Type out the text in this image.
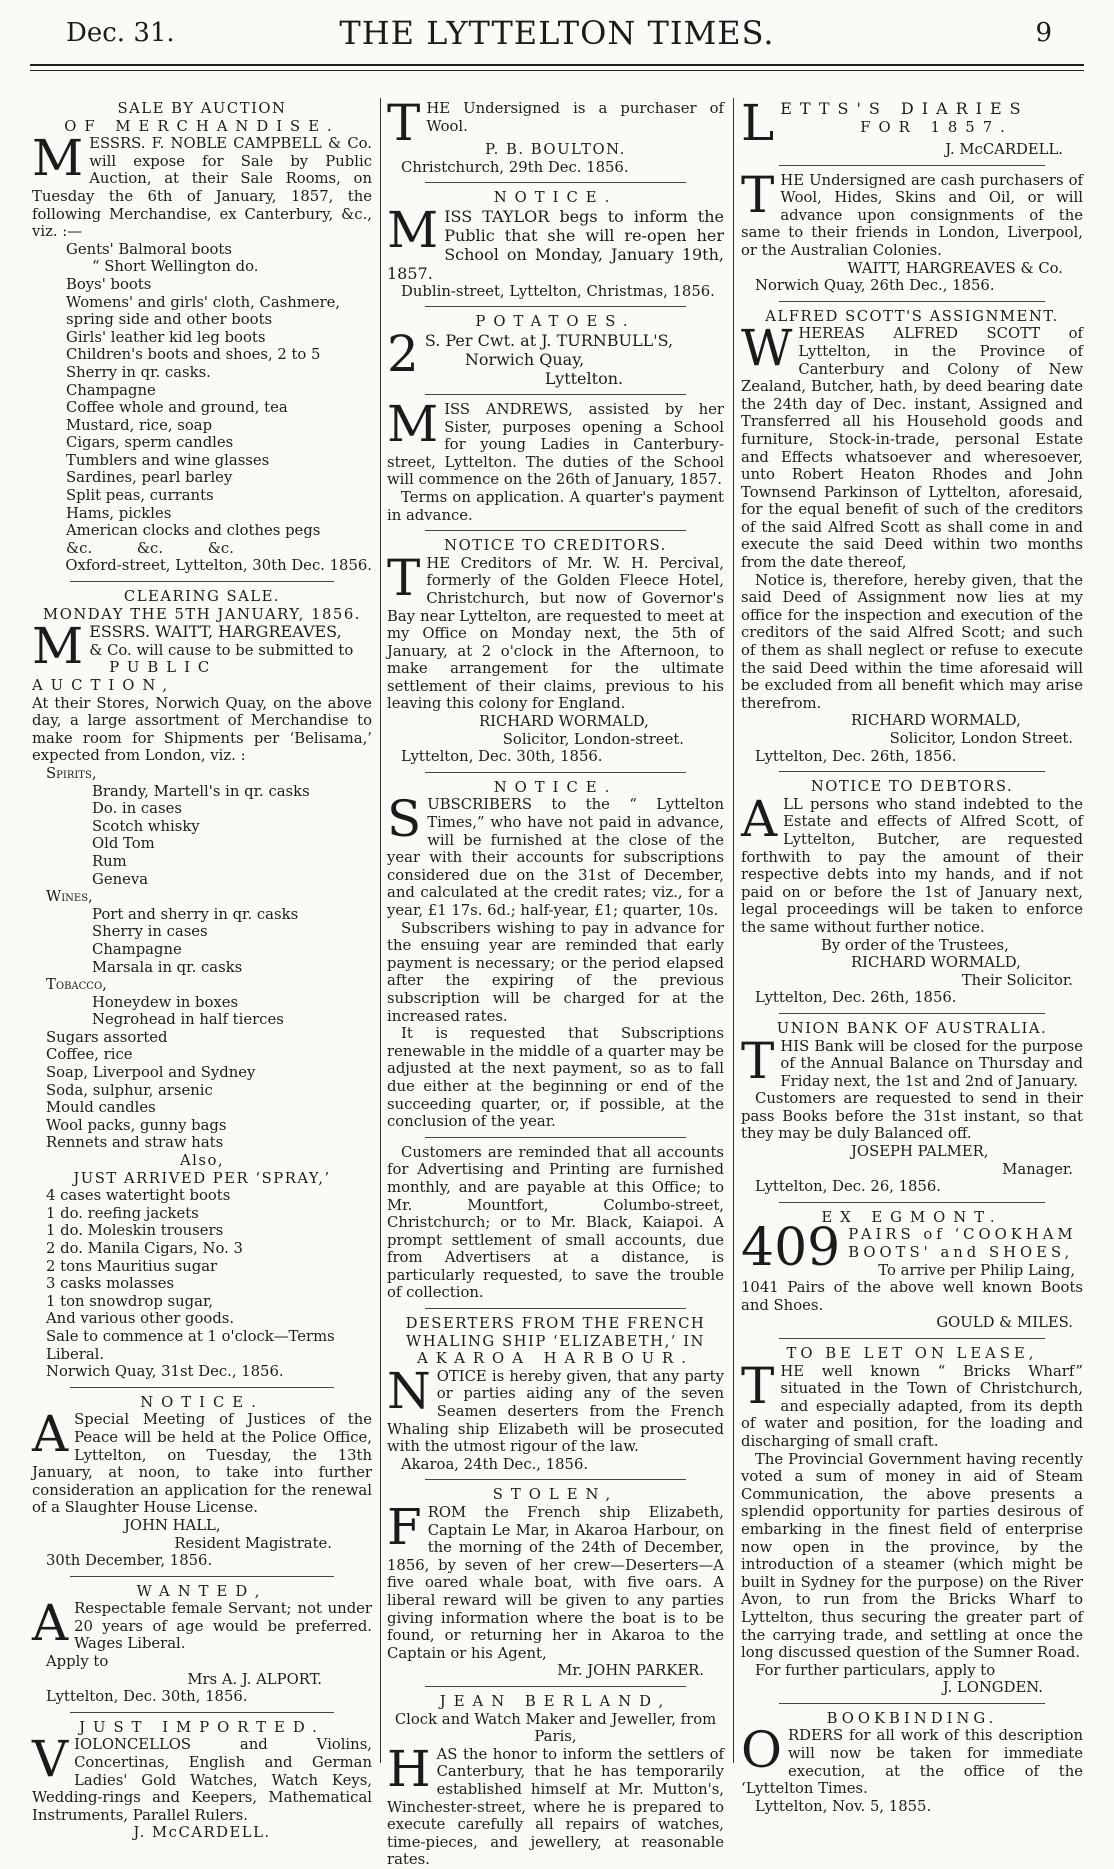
Dec. 31.	THE LYTTELTON TIMES.	9
SALE BY AUCTION
OF MERCHANDISE.

MESSRS. F. NOBLE CAMPBELL & Co. will expose for Sale by Public Auction, at their Sale Rooms, on Tuesday the 6th of January, 1857, the following Merchandise, ex Canterbury, &c., viz. :—

Gents' Balmoral boots
“ Short Wellington do.
Boys' boots
Womens' and girls' cloth, Cashmere, spring side and other boots
Girls' leather kid leg boots
Children's boots and shoes, 2 to 5
Sherry in qr. casks.
Champagne
Coffee whole and ground, tea
Mustard, rice, soap
Cigars, sperm candles
Tumblers and wine glasses
Sardines, pearl barley
Split peas, currants
Hams, pickles
American clocks and clothes pegs
&c. &c. &c.
Oxford-street, Lyttelton, 30th Dec. 1856.
CLEARING SALE.
MONDAY THE 5TH JANUARY, 1856.

MESSRS. WAITT, HARGREAVES,
& Co. will cause to be submitted to
PUBLIC AUCTION,

At their Stores, Norwich Quay, on the above day, a large assortment of Merchandise to make room for Shipments per ‘Belisama,’ expected from London, viz. :

Spirits,
Brandy, Martell's in qr. casks
Do. in cases
Scotch whisky
Old Tom
Rum
Geneva
Wines,
Port and sherry in qr. casks
Sherry in cases
Champagne
Marsala in qr. casks
Tobacco,
Honeydew in boxes
Negrohead in half tierces
Sugars assorted
Coffee, rice
Soap, Liverpool and Sydney
Soda, sulphur, arsenic
Mould candles
Wool packs, gunny bags
Rennets and straw hats
Also,
JUST ARRIVED PER ‘SPRAY,’
4 cases watertight boots
1 do. reefing jackets
1 do. Moleskin trousers
2 do. Manila Cigars, No. 3
2 tons Mauritius sugar
3 casks molasses
1 ton snowdrop sugar,
And various other goods.
Sale to commence at 1 o'clock—Terms Liberal.
Norwich Quay, 31st Dec., 1856.
NOTICE.

A Special Meeting of Justices of the Peace will be held at the Police Office, Lyttelton, on Tuesday, the 13th January, at noon, to take into further consideration an application for the renewal of a Slaughter House License.

JOHN HALL,
Resident Magistrate.
30th December, 1856.
WANTED,

A Respectable female Servant; not under 20 years of age would be preferred. Wages Liberal.

Apply to
Mrs A. J. ALPORT.
Lyttelton, Dec. 30th, 1856.
JUST IMPORTED.

VIOLONCELLOS and Violins, Concertinas, English and German Ladies' Gold Watches, Watch Keys, Wedding-rings and Keepers, Mathematical Instruments, Parallel Rulers.

J. McCARDELL.

THE Undersigned is a purchaser of Wool.

P. B. BOULTON.
Christchurch, 29th Dec. 1856.
NOTICE.

MISS TAYLOR begs to inform the Public that she will re-open her School on Monday, January 19th, 1857.

Dublin-street, Lyttelton, Christmas, 1856.
POTATOES.

2 S. Per Cwt. at J. TURNBULL'S,
Norwich Quay,
Lyttelton.

MISS ANDREWS, assisted by her Sister, purposes opening a School for young Ladies in Canterbury-street, Lyttelton. The duties of the School will commence on the 26th of January, 1857.

Terms on application. A quarter's payment in advance.

NOTICE TO CREDITORS.

THE Creditors of Mr. W. H. Percival, formerly of the Golden Fleece Hotel, Christchurch, but now of Governor's Bay near Lyttelton, are requested to meet at my Office on Monday next, the 5th of January, at 2 o'clock in the Afternoon, to make arrangement for the ultimate settlement of their claims, previous to his leaving this colony for England.

RICHARD WORMALD,
Solicitor, London-street.
Lyttelton, Dec. 30th, 1856.
NOTICE.

SUBSCRIBERS to the “ Lyttelton Times,” who have not paid in advance, will be furnished at the close of the year with their accounts for subscriptions considered due on the 31st of December, and calculated at the credit rates; viz., for a year, £1 17s. 6d.; half-year, £1; quarter, 10s.

Subscribers wishing to pay in advance for the ensuing year are reminded that early payment is necessary; or the period elapsed after the expiring of the previous subscription will be charged for at the increased rates.

It is requested that Subscriptions renewable in the middle of a quarter may be adjusted at the next payment, so as to fall due either at the beginning or end of the succeeding quarter, or, if possible, at the conclusion of the year.

Customers are reminded that all accounts for Advertising and Printing are furnished monthly, and are payable at this Office; to Mr. Mountfort, Columbo-street, Christchurch; or to Mr. Black, Kaiapoi. A prompt settlement of small accounts, due from Advertisers at a distance, is particularly requested, to save the trouble of collection.

DESERTERS FROM THE FRENCH
WHALING SHIP ‘ELIZABETH,’ IN
AKAROA HARBOUR.

NOTICE is hereby given, that any party or parties aiding any of the seven Seamen deserters from the French Whaling ship Elizabeth will be prosecuted with the utmost rigour of the law.

Akaroa, 24th Dec., 1856.
STOLEN,

FROM the French ship Elizabeth, Captain Le Mar, in Akaroa Harbour, on the morning of the 24th of December, 1856, by seven of her crew—Deserters—A five oared whale boat, with five oars. A liberal reward will be given to any parties giving information where the boat is to be found, or returning her in Akaroa to the Captain or his Agent,

Mr. JOHN PARKER.
JEAN BERLAND,
Clock and Watch Maker and Jeweller, from
Paris,

HAS the honor to inform the settlers of Canterbury, that he has temporarily established himself at Mr. Mutton's, Winchester-street, where he is prepared to execute carefully all repairs of watches, time-pieces, and jewellery, at reasonable rates.

LETTS'S DIARIES
FOR 1857.

J. McCARDELL.

THE Undersigned are cash purchasers of Wool, Hides, Skins and Oil, or will advance upon consignments of the same to their friends in London, Liverpool, or the Australian Colonies.

WAITT, HARGREAVES & Co.
Norwich Quay, 26th Dec., 1856.
ALFRED SCOTT'S ASSIGNMENT.

WHEREAS ALFRED SCOTT of Lyttelton, in the Province of Canterbury and Colony of New Zealand, Butcher, hath, by deed bearing date the 24th day of Dec. instant, Assigned and Transferred all his Household goods and furniture, Stock-in-trade, personal Estate and Effects whatsoever and wheresoever, unto Robert Heaton Rhodes and John Townsend Parkinson of Lyttelton, aforesaid, for the equal benefit of such of the creditors of the said Alfred Scott as shall come in and execute the said Deed within two months from the date thereof,

Notice is, therefore, hereby given, that the said Deed of Assignment now lies at my office for the inspection and execution of the creditors of the said Alfred Scott; and such of them as shall neglect or refuse to execute the said Deed within the time aforesaid will be excluded from all benefit which may arise therefrom.

RICHARD WORMALD,
Solicitor, London Street.
Lyttelton, Dec. 26th, 1856.
NOTICE TO DEBTORS.

ALL persons who stand indebted to the Estate and effects of Alfred Scott, of Lyttelton, Butcher, are requested forthwith to pay the amount of their respective debts into my hands, and if not paid on or before the 1st of January next, legal proceedings will be taken to enforce the same without further notice.

By order of the Trustees,
RICHARD WORMALD,
Their Solicitor.
Lyttelton, Dec. 26th, 1856.
UNION BANK OF AUSTRALIA.

THIS Bank will be closed for the purpose of the Annual Balance on Thursday and Friday next, the 1st and 2nd of January.

Customers are requested to send in their pass Books before the 31st instant, so that they may be duly Balanced off.

JOSEPH PALMER,
Manager.
Lyttelton, Dec. 26, 1856.
EX EGMONT.

409 PAIRS of ‘COOKHAM
BOOTS' and SHOES,
To arrive per Philip Laing,

1041 Pairs of the above well known Boots and Shoes.

GOULD & MILES.
TO BE LET ON LEASE,

THE well known “ Bricks Wharf” situated in the Town of Christchurch, and especially adapted, from its depth of water and position, for the loading and discharging of small craft.

The Provincial Government having recently voted a sum of money in aid of Steam Communication, the above presents a splendid opportunity for parties desirous of embarking in the finest field of enterprise now open in the province, by the introduction of a steamer (which might be built in Sydney for the purpose) on the River Avon, to run from the Bricks Wharf to Lyttelton, thus securing the greater part of the carrying trade, and settling at once the long discussed question of the Sumner Road.

For further particulars, apply to
J. LONGDEN.
BOOKBINDING.

ORDERS for all work of this description will now be taken for immediate execution, at the office of the ‘Lyttelton Times.

Lyttelton, Nov. 5, 1855.
